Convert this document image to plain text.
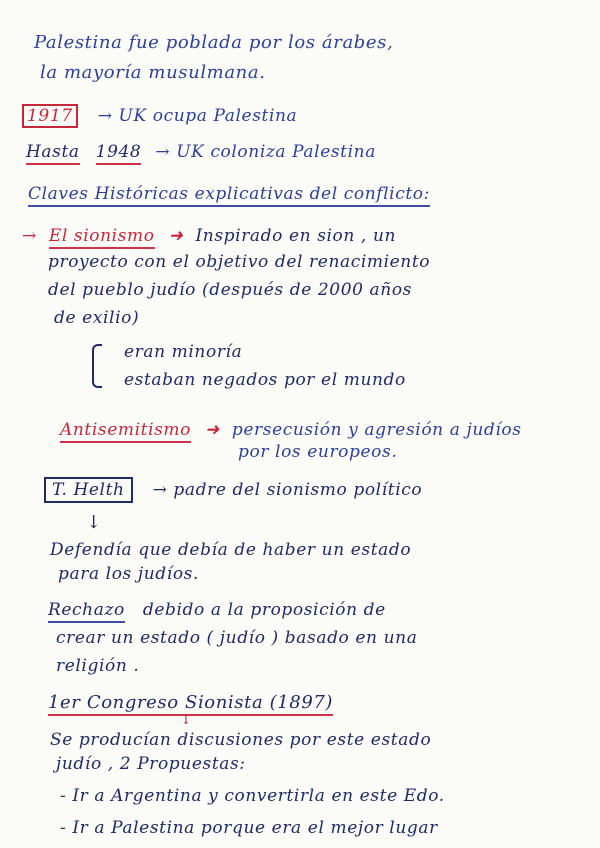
Palestina fue poblada por los árabes,
la mayoría musulmana.
1917 → UK ocupa Palestina
Hasta 1948 → UK coloniza Palestina
Claves Históricas explicativas del conflicto:
→ El sionismo ➜ Inspirado en sion , un
proyecto con el objetivo del renacimiento
del pueblo judío (después de 2000 años
de exilio)
eran minoría
estaban negados por el mundo
Antisemitismo ➜ persecusión y agresión a judíos
por los europeos.
T. Helth → padre del sionismo político
↓
Defendía que debía de haber un estado
para los judíos.
Rechazo debido a la proposición de
crear un estado ( judío ) basado en una
religión .
1er Congreso Sionista (1897)
↓
Se producían discusiones por este estado
judío , 2 Propuestas:
- Ir a Argentina y convertirla en este Edo.
- Ir a Palestina porque era el mejor lugar
